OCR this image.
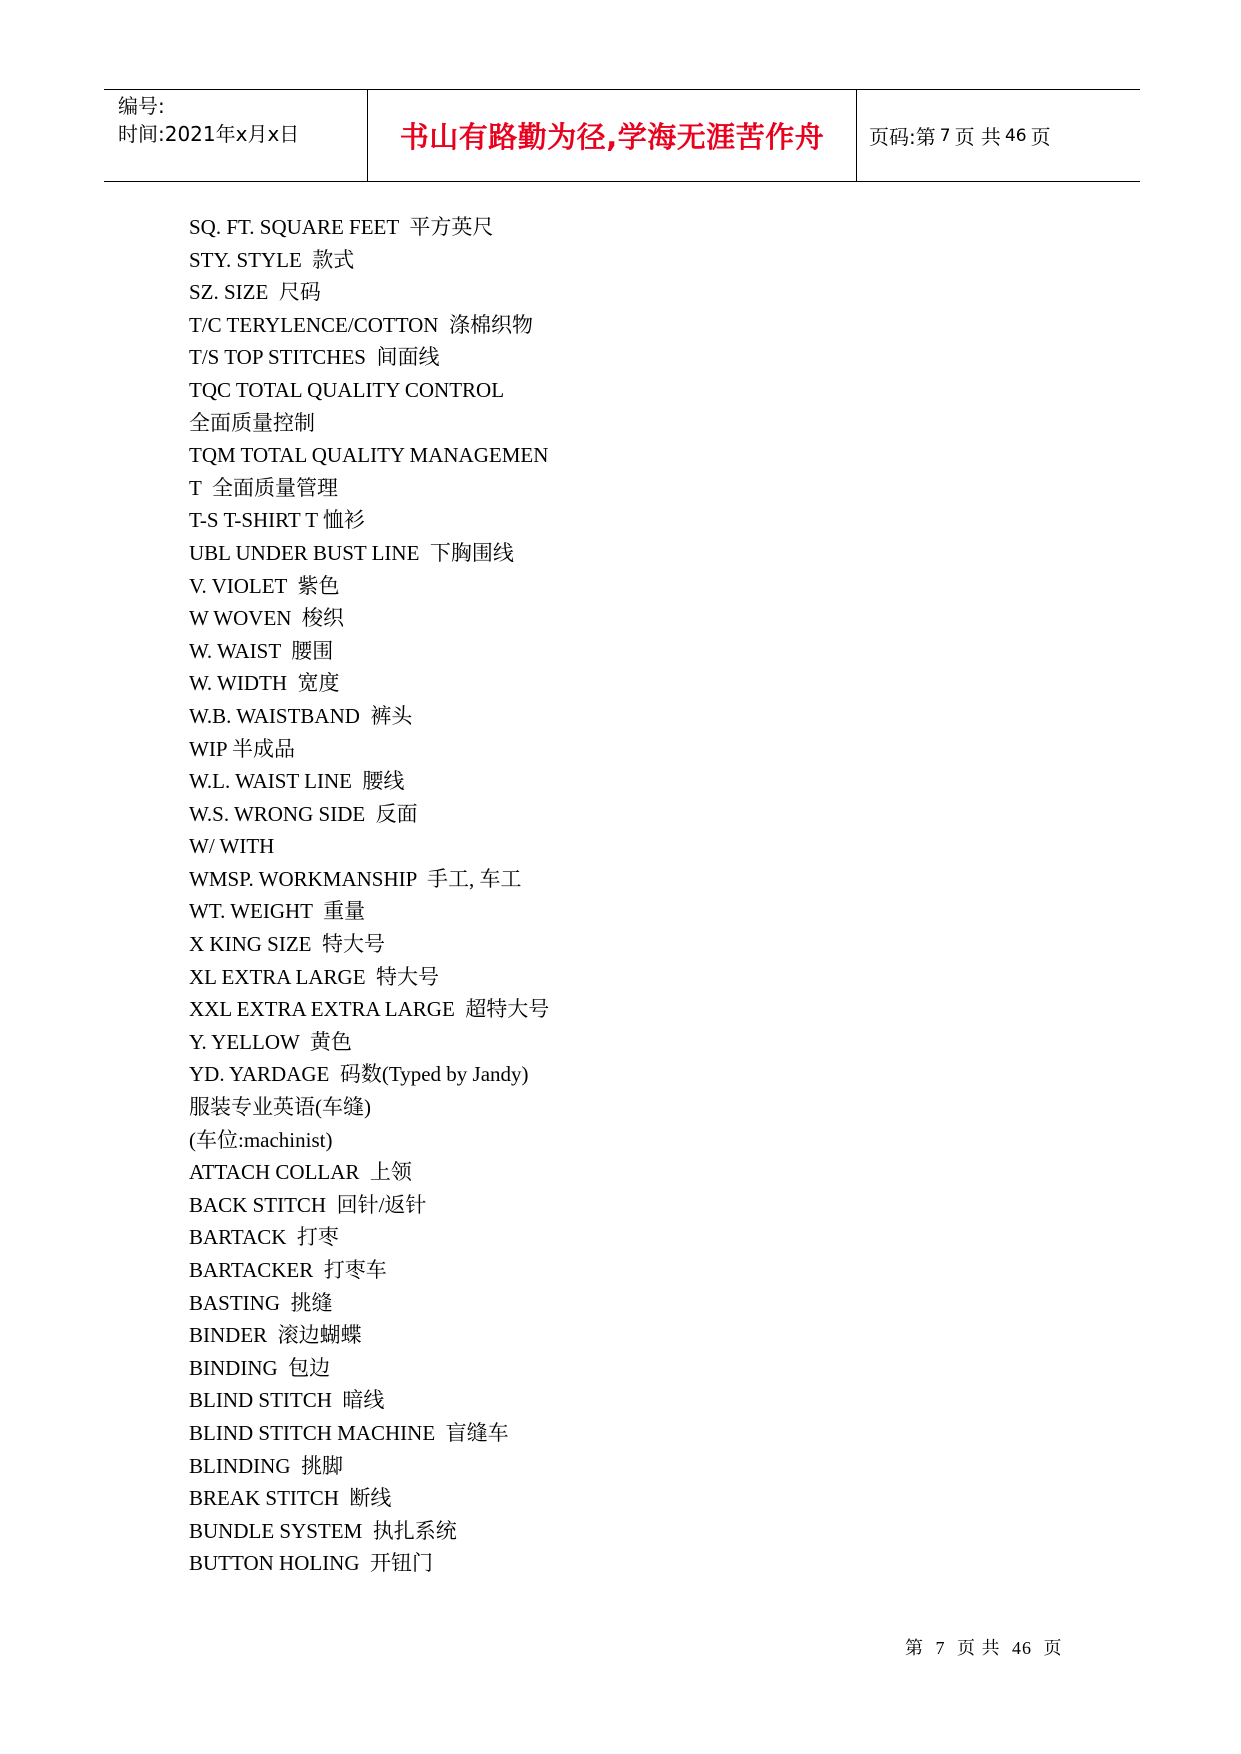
编号:
时间:2021年x月x日	书山有路勤为径,学海无涯苦作舟 页码:第 7 页 共 46 页
SQ. FT. SQUARE FEET  平方英尺
STY. STYLE  款式
SZ. SIZE  尺码
T/C TERYLENCE/COTTON  涤棉织物
T/S TOP STITCHES  间面线
TQC TOTAL QUALITY CONTROL
全面质量控制
TQM TOTAL QUALITY MANAGEMEN
T  全面质量管理
T-S T-SHIRT T 恤衫
UBL UNDER BUST LINE  下胸围线
V. VIOLET  紫色
W WOVEN  梭织
W. WAIST  腰围
W. WIDTH  宽度
W.B. WAISTBAND  裤头
WIP 半成品
W.L. WAIST LINE  腰线
W.S. WRONG SIDE  反面
W/ WITH
WMSP. WORKMANSHIP  手工, 车工
WT. WEIGHT  重量
X KING SIZE  特大号
XL EXTRA LARGE  特大号
XXL EXTRA EXTRA LARGE  超特大号
Y. YELLOW  黄色
YD. YARDAGE  码数(Typed by Jandy)
服装专业英语(车缝)
(车位:machinist)
ATTACH COLLAR  上领
BACK STITCH  回针/返针
BARTACK  打枣
BARTACKER  打枣车
BASTING  挑缝
BINDER  滚边蝴蝶
BINDING  包边
BLIND STITCH  暗线
BLIND STITCH MACHINE  盲缝车
BLINDING  挑脚
BREAK STITCH  断线
BUNDLE SYSTEM  执扎系统
BUTTON HOLING  开钮门
第 7 页 共 46 页
